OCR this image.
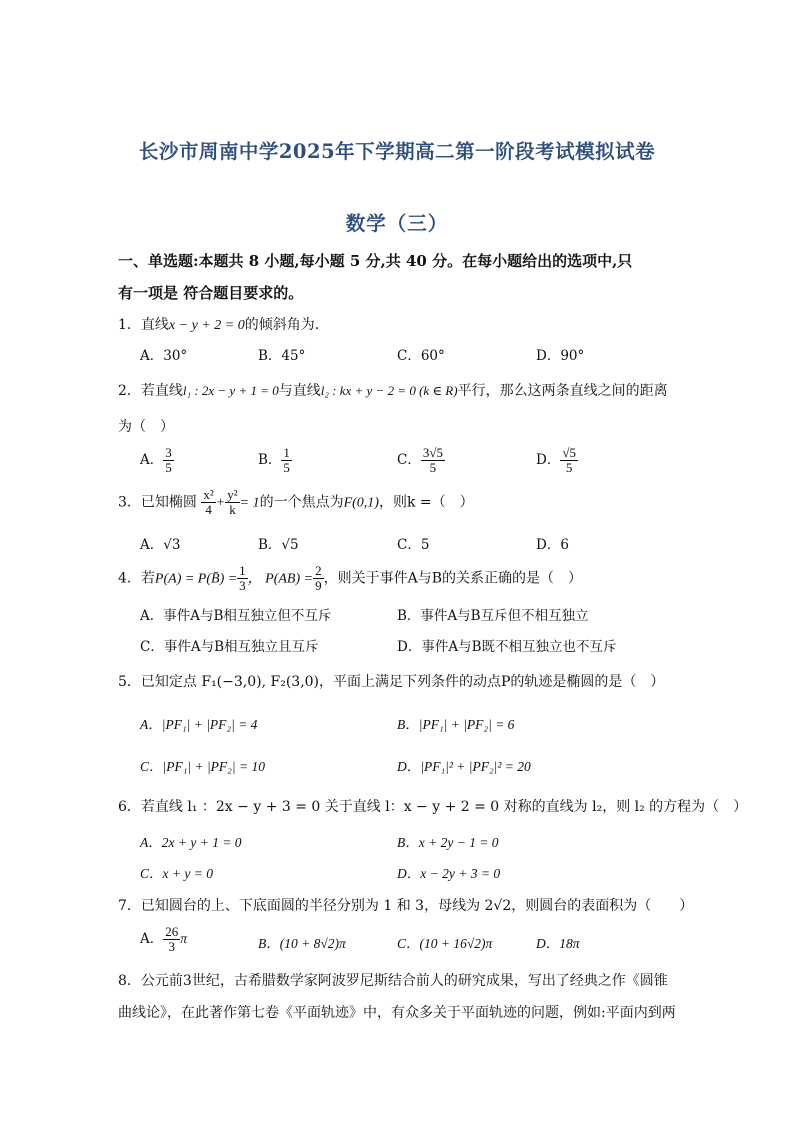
长沙市周南中学2025年下学期高二第一阶段考试模拟试卷
数学（三）
一、单选题:本题共 8 小题,每小题 5 分,共 40 分。在每小题给出的选项中,只
有一项是 符合题目要求的。
1．直线x − y + 2 = 0的倾斜角为．
A．30°	B．45°	C．60°	D．90°
2．若直线l₁ : 2x − y + 1 = 0与直线l₂ : kx + y − 2 = 0 (k ∈ R)平行，那么这两条直线之间的距离
为（　）
A． $\frac{3}{5}$	B． $\frac{1}{5}$	C． $\frac{3√5}{5}$	D． $\frac{√5}{5}$
3．已知椭圆 $\frac{\text{x²}}{4} + \frac{\text{y²}}{k} = 1$的一个焦点为F(0,1)，则k =（　）
A．√3	B．√5	C．5	D．6
4．若P(A) = P(B̄) = $\frac{1}{3}$ ， $P(AB) = \frac{2}{9}$ ，则关于事件A与B的关系正确的是（　）
A．事件A与B相互独立但不互斥	B．事件A与B互斥但不相互独立
C．事件A与B相互独立且互斥	D．事件A与B既不相互独立也不互斥
5．已知定点 F₁(−3,0), F₂(3,0)，平面上满足下列条件的动点P的轨迹是椭圆的是（　）
A．|PF₁| + |PF₂| = 4	B．|PF₁| + |PF₂| = 6
C．|PF₁| + |PF₂| = 10	D．|PF₁|² + |PF₂|² = 20
6．若直线 l₁ ：2x − y + 3 = 0 关于直线 l：x − y + 2 = 0 对称的直线为 l₂，则 l₂ 的方程为（　）
A．2x + y + 1 = 0	B．x + 2y − 1 = 0
C．x + y = 0	D．x − 2y + 3 = 0
7．已知圆台的上、下底面圆的半径分别为 1 和 3，母线为 2√2，则圆台的表面积为（　　）
A． $\frac{26}{3}$ π	B．(10 + 8√2)π	C．(10 + 16√2)π	D．18π
8．公元前3世纪，古希腊数学家阿波罗尼斯结合前人的研究成果，写出了经典之作《圆锥
曲线论》，在此著作第七卷《平面轨迹》中，有众多关于平面轨迹的问题，例如:平面内到两
